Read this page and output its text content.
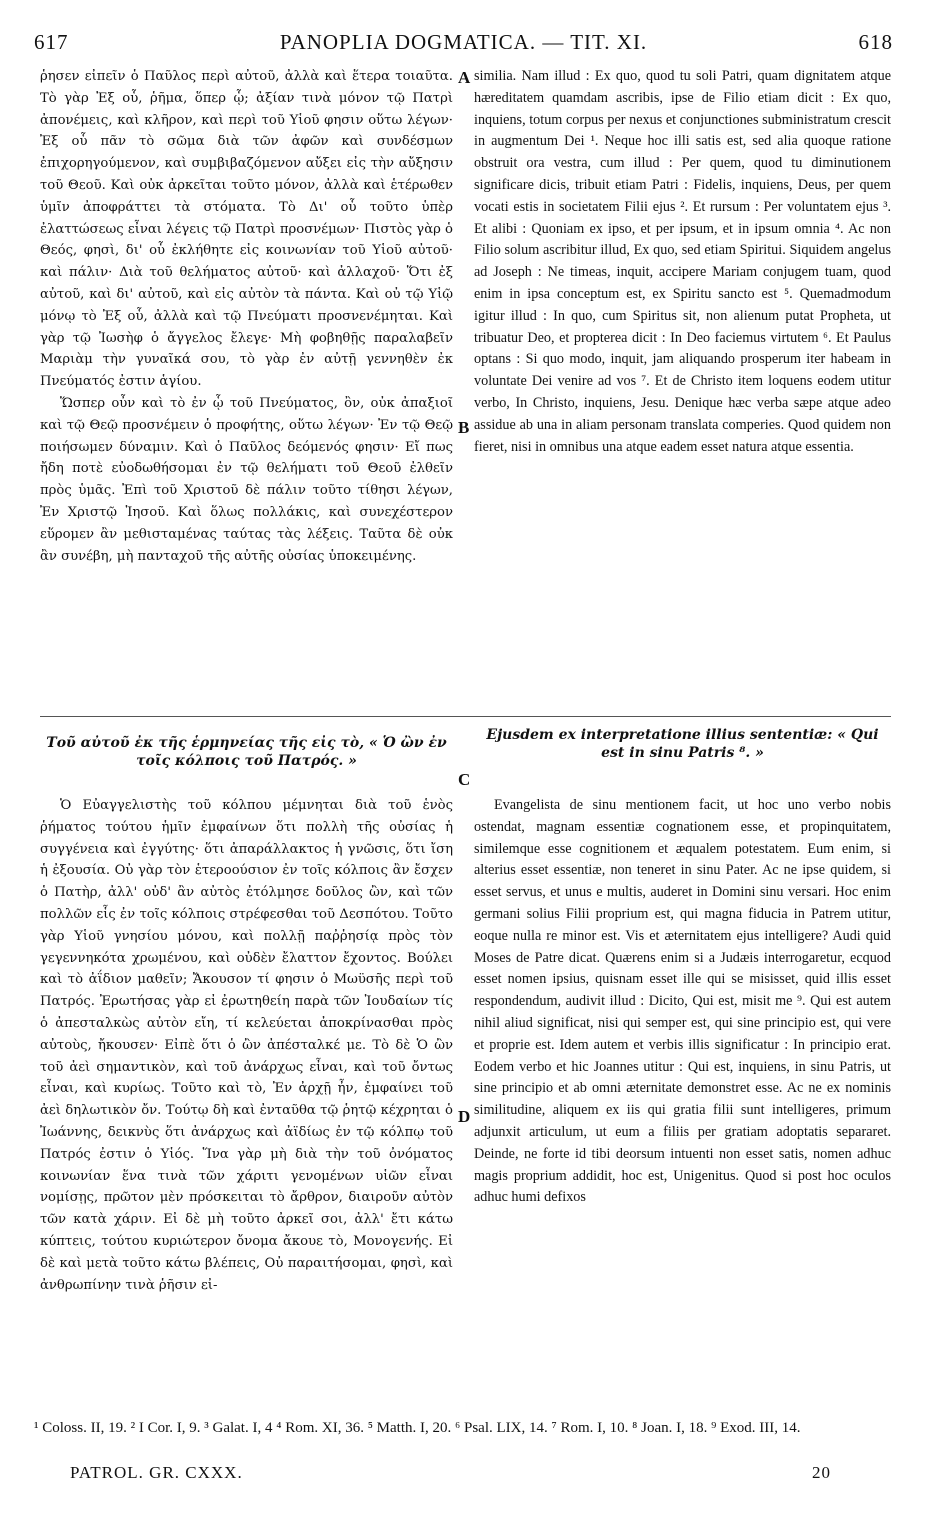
617	PANOPLIA DOGMATICA. — TIT. XI.	618
A
B
C
D

ῥησεν εἰπεῖν ὁ Παῦλος περὶ αὐτοῦ, ἀλλὰ καὶ ἕτερα τοιαῦτα. Τὸ γὰρ Ἐξ οὗ, ῥῆμα, ὅπερ ᾧ; ἀξίαν τινὰ μόνον τῷ Πατρὶ ἀπονέμεις, καὶ κλῆρον, καὶ περὶ τοῦ Υἱοῦ φησιν οὕτω λέγων· Ἐξ οὗ πᾶν τὸ σῶμα διὰ τῶν ἀφῶν καὶ συνδέσμων ἐπιχορηγούμενον, καὶ συμβιβαζόμενον αὔξει εἰς τὴν αὔξησιν τοῦ Θεοῦ. Καὶ οὐκ ἀρκεῖται τοῦτο μόνον, ἀλλὰ καὶ ἑτέρωθεν ὑμῖν ἀποφράττει τὰ στόματα. Τὸ Δι' οὗ τοῦτο ὑπὲρ ἐλαττώσεως εἶναι λέγεις τῷ Πατρὶ προσνέμων· Πιστὸς γὰρ ὁ Θεός, φησὶ, δι' οὗ ἐκλήθητε εἰς κοινωνίαν τοῦ Υἱοῦ αὐτοῦ· καὶ πάλιν· Διὰ τοῦ θελήματος αὐτοῦ· καὶ ἀλλαχοῦ· Ὅτι ἐξ αὐτοῦ, καὶ δι' αὐτοῦ, καὶ εἰς αὐτὸν τὰ πάντα. Καὶ οὐ τῷ Υἱῷ μόνῳ τὸ Ἐξ οὗ, ἀλλὰ καὶ τῷ Πνεύματι προσνενέμηται. Καὶ γὰρ τῷ Ἰωσὴφ ὁ ἄγγελος ἔλεγε· Μὴ φοβηθῇς παραλαβεῖν Μαριὰμ τὴν γυναῖκά σου, τὸ γὰρ ἐν αὐτῇ γεννηθὲν ἐκ Πνεύματός ἐστιν ἁγίου.

Ὥσπερ οὖν καὶ τὸ ἐν ᾧ τοῦ Πνεύματος, ὂν, οὐκ ἀπαξιοῖ καὶ τῷ Θεῷ προσνέμειν ὁ προφήτης, οὕτω λέγων· Ἐν τῷ Θεῷ ποιήσωμεν δύναμιν. Καὶ ὁ Παῦλος δεόμενός φησιν· Εἴ πως ἤδη ποτὲ εὐοδωθήσομαι ἐν τῷ θελήματι τοῦ Θεοῦ ἐλθεῖν πρὸς ὑμᾶς. Ἐπὶ τοῦ Χριστοῦ δὲ πάλιν τοῦτο τίθησι λέγων, Ἐν Χριστῷ Ἰησοῦ. Καὶ ὅλως πολλάκις, καὶ συνεχέστερον εὕρομεν ἂν μεθισταμένας ταύτας τὰς λέξεις. Ταῦτα δὲ οὐκ ἂν συνέβη, μὴ πανταχοῦ τῆς αὐτῆς οὐσίας ὑποκειμένης.

similia. Nam illud : Ex quo, quod tu soli Patri, quam dignitatem atque hæreditatem quamdam ascribis, ipse de Filio etiam dicit : Ex quo, inquiens, totum corpus per nexus et conjunctiones subministratum crescit in augmentum Dei ¹. Neque hoc illi satis est, sed alia quoque ratione obstruit ora vestra, cum illud : Per quem, quod tu diminutionem significare dicis, tribuit etiam Patri : Fidelis, inquiens, Deus, per quem vocati estis in societatem Filii ejus ². Et rursum : Per voluntatem ejus ³. Et alibi : Quoniam ex ipso, et per ipsum, et in ipsum omnia ⁴. Ac non Filio solum ascribitur illud, Ex quo, sed etiam Spiritui. Siquidem angelus ad Joseph : Ne timeas, inquit, accipere Mariam conjugem tuam, quod enim in ipsa conceptum est, ex Spiritu sancto est ⁵. Quemadmodum igitur illud : In quo, cum Spiritus sit, non alienum putat Propheta, ut tribuatur Deo, et propterea dicit : In Deo faciemus virtutem ⁶. Et Paulus optans : Si quo modo, inquit, jam aliquando prosperum iter habeam in voluntate Dei venire ad vos ⁷. Et de Christo item loquens eodem utitur verbo, In Christo, inquiens, Jesu. Denique hæc verba sæpe atque adeo assidue ab una in aliam personam translata comperies. Quod quidem non fieret, nisi in omnibus una atque eadem esset natura atque essentia.

Τοῦ αὐτοῦ ἐκ τῆς ἑρμηνείας τῆς εἰς τὸ, « Ὁ ὢν ἐν τοῖς κόλποις τοῦ Πατρός. »
Ejusdem ex interpretatione illius sententiæ: « Qui est in sinu Patris ⁸. »

Ὁ Εὐαγγελιστὴς τοῦ κόλπου μέμνηται διὰ τοῦ ἑνὸς ῥήματος τούτου ἡμῖν ἐμφαίνων ὅτι πολλὴ τῆς οὐσίας ἡ συγγένεια καὶ ἐγγύτης· ὅτι ἀπαράλλακτος ἡ γνῶσις, ὅτι ἴση ἡ ἐξουσία. Οὐ γὰρ τὸν ἑτεροούσιον ἐν τοῖς κόλποις ἂν ἔσχεν ὁ Πατὴρ, ἀλλ' οὐδ' ἂν αὐτὸς ἐτόλμησε δοῦλος ὢν, καὶ τῶν πολλῶν εἷς ἐν τοῖς κόλποις στρέφεσθαι τοῦ Δεσπότου. Τοῦτο γὰρ Υἱοῦ γνησίου μόνου, καὶ πολλῇ παῤῥησίᾳ πρὸς τὸν γεγεννηκότα χρωμένου, καὶ οὐδὲν ἔλαττον ἔχοντος. Βούλει καὶ τὸ ἀΐδιον μαθεῖν; Ἄκουσον τί φησιν ὁ Μωϋσῆς περὶ τοῦ Πατρός. Ἐρωτήσας γὰρ εἰ ἐρωτηθείη παρὰ τῶν Ἰουδαίων τίς ὁ ἀπεσταλκὼς αὐτὸν εἴη, τί κελεύεται ἀποκρίνασθαι πρὸς αὐτοὺς, ἤκουσεν· Εἰπὲ ὅτι ὁ ὢν ἀπέσταλκέ με. Τὸ δὲ Ὁ ὢν τοῦ ἀεὶ σημαντικὸν, καὶ τοῦ ἀνάρχως εἶναι, καὶ τοῦ ὄντως εἶναι, καὶ κυρίως. Τοῦτο καὶ τὸ, Ἐν ἀρχῇ ἦν, ἐμφαίνει τοῦ ἀεὶ δηλωτικὸν ὄν. Τούτῳ δὴ καὶ ἐνταῦθα τῷ ῥητῷ κέχρηται ὁ Ἰωάννης, δεικνὺς ὅτι ἀνάρχως καὶ ἀϊδίως ἐν τῷ κόλπῳ τοῦ Πατρός ἐστιν ὁ Υἱός. Ἵνα γὰρ μὴ διὰ τὴν τοῦ ὀνόματος κοινωνίαν ἕνα τινὰ τῶν χάριτι γενομένων υἱῶν εἶναι νομίσῃς, πρῶτον μὲν πρόσκειται τὸ ἄρθρον, διαιροῦν αὐτὸν τῶν κατὰ χάριν. Εἰ δὲ μὴ τοῦτο ἀρκεῖ σοι, ἀλλ' ἔτι κάτω κύπτεις, τούτου κυριώτερον ὄνομα ἄκουε τὸ, Μονογενής. Εἰ δὲ καὶ μετὰ τοῦτο κάτω βλέπεις, Οὐ παραιτήσομαι, φησὶ, καὶ ἀνθρωπίνην τινὰ ῥῆσιν εἰ-

Evangelista de sinu mentionem facit, ut hoc uno verbo nobis ostendat, magnam essentiæ cognationem esse, et propinquitatem, similemque esse cognitionem et æqualem potestatem. Eum enim, si alterius esset essentiæ, non teneret in sinu Pater. Ac ne ipse quidem, si esset servus, et unus e multis, auderet in Domini sinu versari. Hoc enim germani solius Filii proprium est, qui magna fiducia in Patrem utitur, eoque nulla re minor est. Vis et æternitatem ejus intelligere? Audi quid Moses de Patre dicat. Quærens enim si a Judæis interrogaretur, ecquod esset nomen ipsius, quisnam esset ille qui se misisset, quid illis esset respondendum, audivit illud : Dicito, Qui est, misit me ⁹. Qui est autem nihil aliud significat, nisi qui semper est, qui sine principio est, qui vere et proprie est. Idem autem et verbis illis significatur : In principio erat. Eodem verbo et hic Joannes utitur : Qui est, inquiens, in sinu Patris, ut sine principio et ab omni æternitate demonstret esse. Ac ne ex nominis similitudine, aliquem ex iis qui gratia filii sunt intelligeres, primum adjunxit articulum, ut eum a filiis per gratiam adoptatis separaret. Deinde, ne forte id tibi deorsum intuenti non esset satis, nomen adhuc magis proprium addidit, hoc est, Unigenitus. Quod si post hoc oculos adhuc humi defixos

¹ Coloss. II, 19. ² I Cor. I, 9. ³ Galat. I, 4 ⁴ Rom. XI, 36. ⁵ Matth. I, 20. ⁶ Psal. LIX, 14. ⁷ Rom. I, 10. ⁸ Joan. I, 18. ⁹ Exod. III, 14.
PATROL. GR. CXXX.	20
